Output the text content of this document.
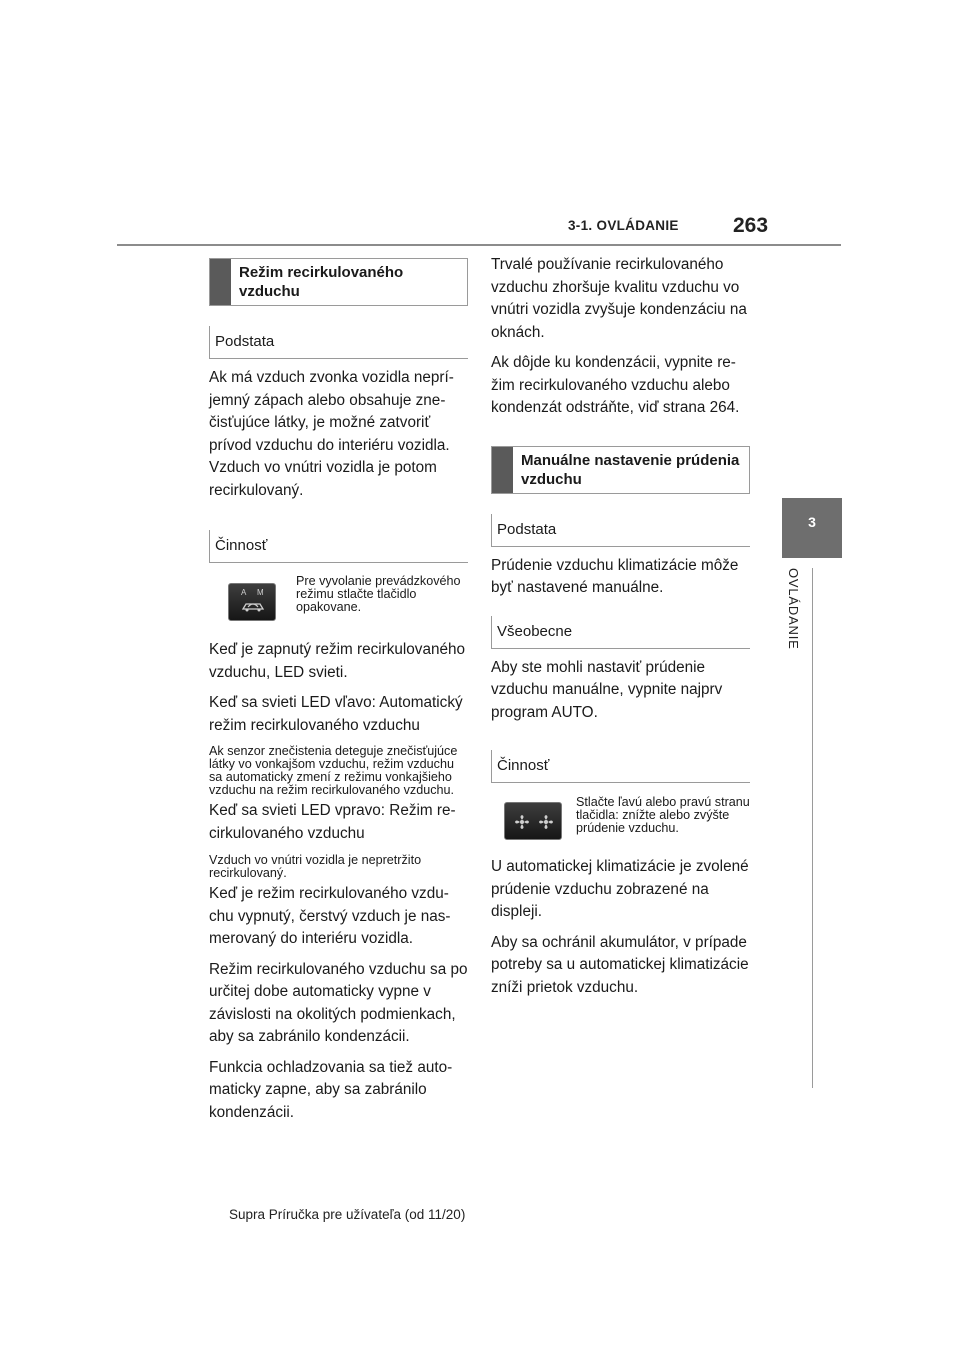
3-1. OVLÁDANIE	263
3
OVLÁDANIE
Režim recirkulovaného vzduchu
Podstata

Ak má vzduch zvonka vozidla nepríjemný zápach alebo obsahuje znečisťujúce látky, je možné zatvoriť prívod vzduchu do interiéru vozidla. Vzduch vo vnútri vozidla je potom recirkulovaný.

Činnosť
A M

Pre vyvolanie prevádzkového režimu stlačte tlačidlo opakovane.

Keď je zapnutý režim recirkulovaného vzduchu, LED svieti.

Keď sa svieti LED vľavo: Automatický režim recirkulovaného vzduchu

Ak senzor znečistenia deteguje znečisťujúce látky vo vonkajšom vzduchu, režim vzduchu sa automaticky zmení z režimu vonkajšieho vzduchu na režim recirkulovaného vzduchu.

Keď sa svieti LED vpravo: Režim recirkulovaného vzduchu

Vzduch vo vnútri vozidla je nepretržito recirkulovaný.

Keď je režim recirkulovaného vzduchu vypnutý, čerstvý vzduch je nasmerovaný do interiéru vozidla.

Režim recirkulovaného vzduchu sa po určitej dobe automaticky vypne v závislosti na okolitých podmienkach, aby sa zabránilo kondenzácii.

Funkcia ochladzovania sa tiež automaticky zapne, aby sa zabránilo kondenzácii.

Trvalé používanie recirkulovaného vzduchu zhoršuje kvalitu vzduchu vo vnútri vozidla zvyšuje kondenzáciu na oknách.

Ak dôjde ku kondenzácii, vypnite režim recirkulovaného vzduchu alebo kondenzát odstráňte, viď strana 264.

Manuálne nastavenie prúdenia vzduchu
Podstata

Prúdenie vzduchu klimatizácie môže byť nastavené manuálne.

Všeobecne

Aby ste mohli nastaviť prúdenie vzduchu manuálne, vypnite najprv program AUTO.

Činnosť

Stlačte ľavú alebo pravú stranu tlačidla: znížte alebo zvýšte prúdenie vzduchu.

U automatickej klimatizácie je zvolené prúdenie vzduchu zobrazené na displeji.

Aby sa ochránil akumulátor, v prípade potreby sa u automatickej klimatizácie zníži prietok vzduchu.

Supra Príručka pre užívateľa (od 11/20)
